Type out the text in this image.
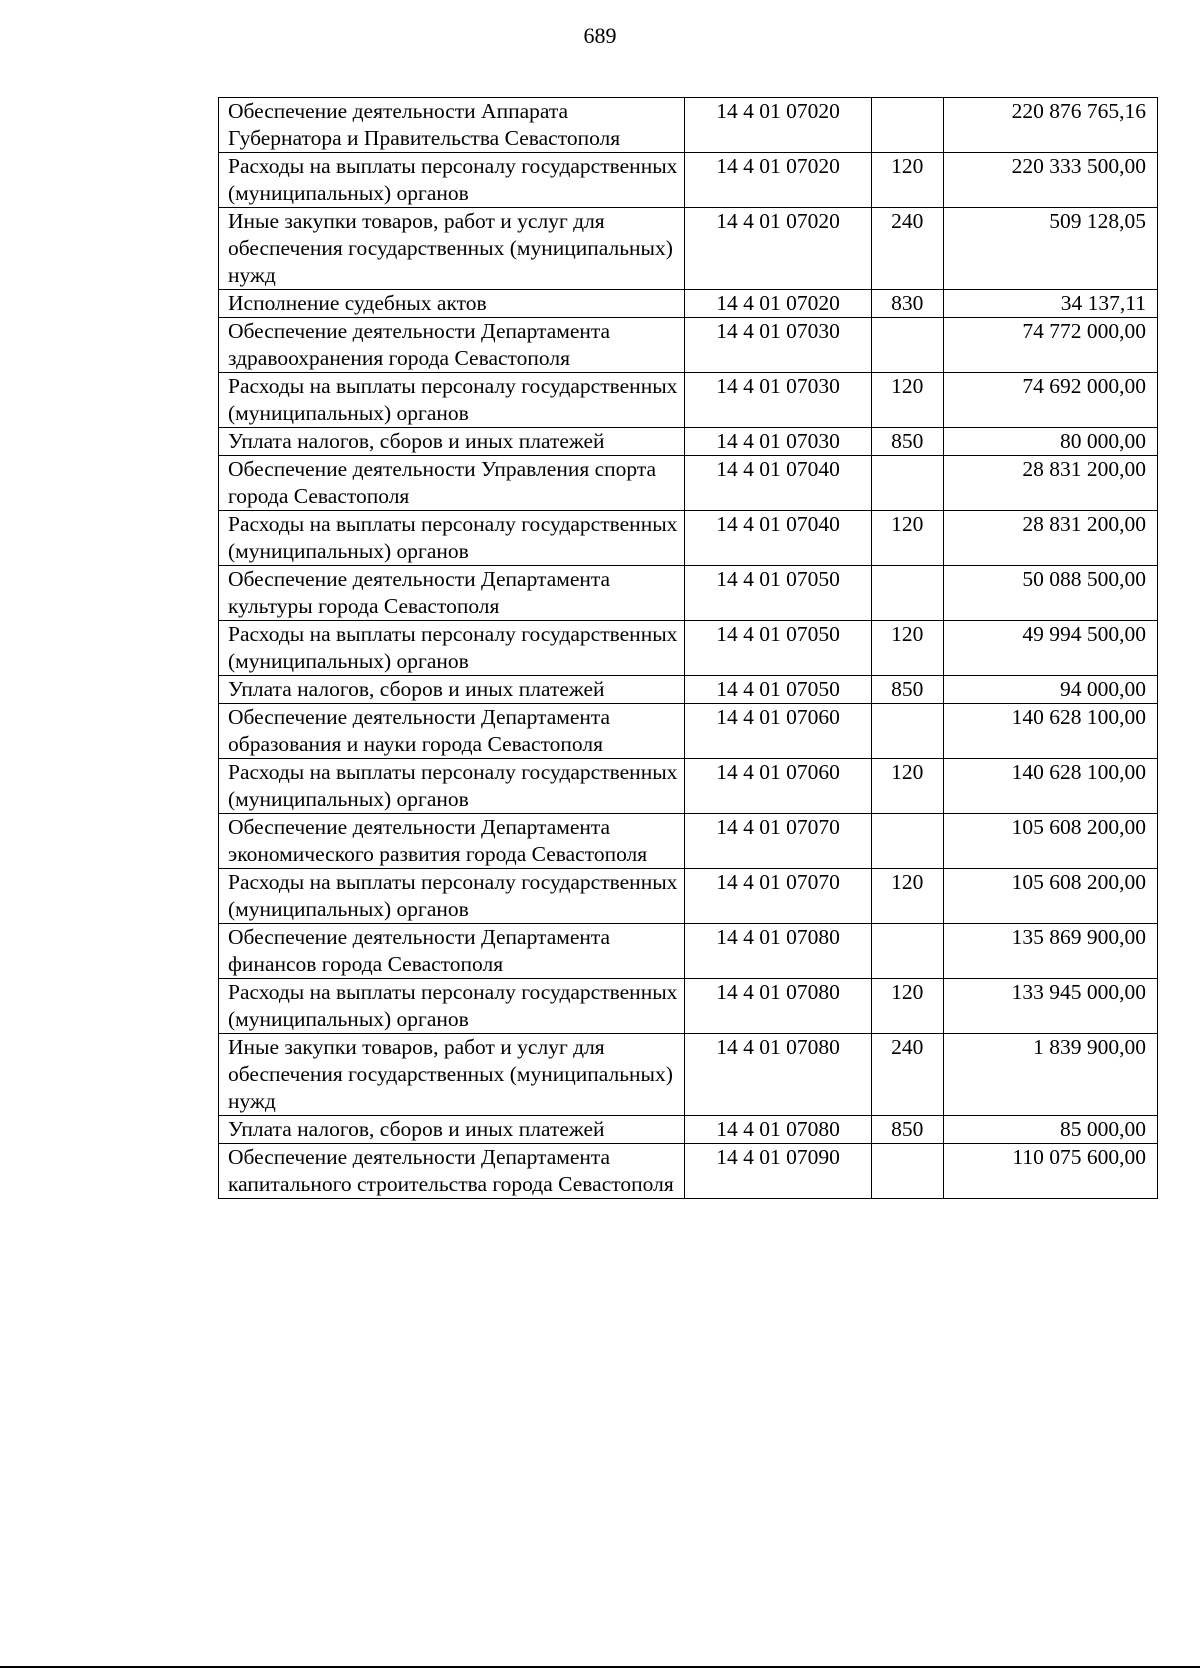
689
Обеспечение деятельности Аппарата Губернатора и Правительства Севастополя	14 4 01 07020		220 876 765,16
Расходы на выплаты персоналу государственных (муниципальных) органов	14 4 01 07020	120	220 333 500,00
Иные закупки товаров, работ и услуг для обеспечения государственных (муниципальных) нужд	14 4 01 07020	240	509 128,05
Исполнение судебных актов	14 4 01 07020	830	34 137,11
Обеспечение деятельности Департамента здравоохранения города Севастополя	14 4 01 07030		74 772 000,00
Расходы на выплаты персоналу государственных (муниципальных) органов	14 4 01 07030	120	74 692 000,00
Уплата налогов, сборов и иных платежей	14 4 01 07030	850	80 000,00
Обеспечение деятельности Управления спорта города Севастополя	14 4 01 07040		28 831 200,00
Расходы на выплаты персоналу государственных (муниципальных) органов	14 4 01 07040	120	28 831 200,00
Обеспечение деятельности Департамента культуры города Севастополя	14 4 01 07050		50 088 500,00
Расходы на выплаты персоналу государственных (муниципальных) органов	14 4 01 07050	120	49 994 500,00
Уплата налогов, сборов и иных платежей	14 4 01 07050	850	94 000,00
Обеспечение деятельности Департамента образования и науки города Севастополя	14 4 01 07060		140 628 100,00
Расходы на выплаты персоналу государственных (муниципальных) органов	14 4 01 07060	120	140 628 100,00
Обеспечение деятельности Департамента экономического развития города Севастополя	14 4 01 07070		105 608 200,00
Расходы на выплаты персоналу государственных (муниципальных) органов	14 4 01 07070	120	105 608 200,00
Обеспечение деятельности Департамента финансов города Севастополя	14 4 01 07080		135 869 900,00
Расходы на выплаты персоналу государственных (муниципальных) органов	14 4 01 07080	120	133 945 000,00
Иные закупки товаров, работ и услуг для обеспечения государственных (муниципальных) нужд	14 4 01 07080	240	1 839 900,00
Уплата налогов, сборов и иных платежей	14 4 01 07080	850	85 000,00
Обеспечение деятельности Департамента капитального строительства города Севастополя	14 4 01 07090		110 075 600,00
